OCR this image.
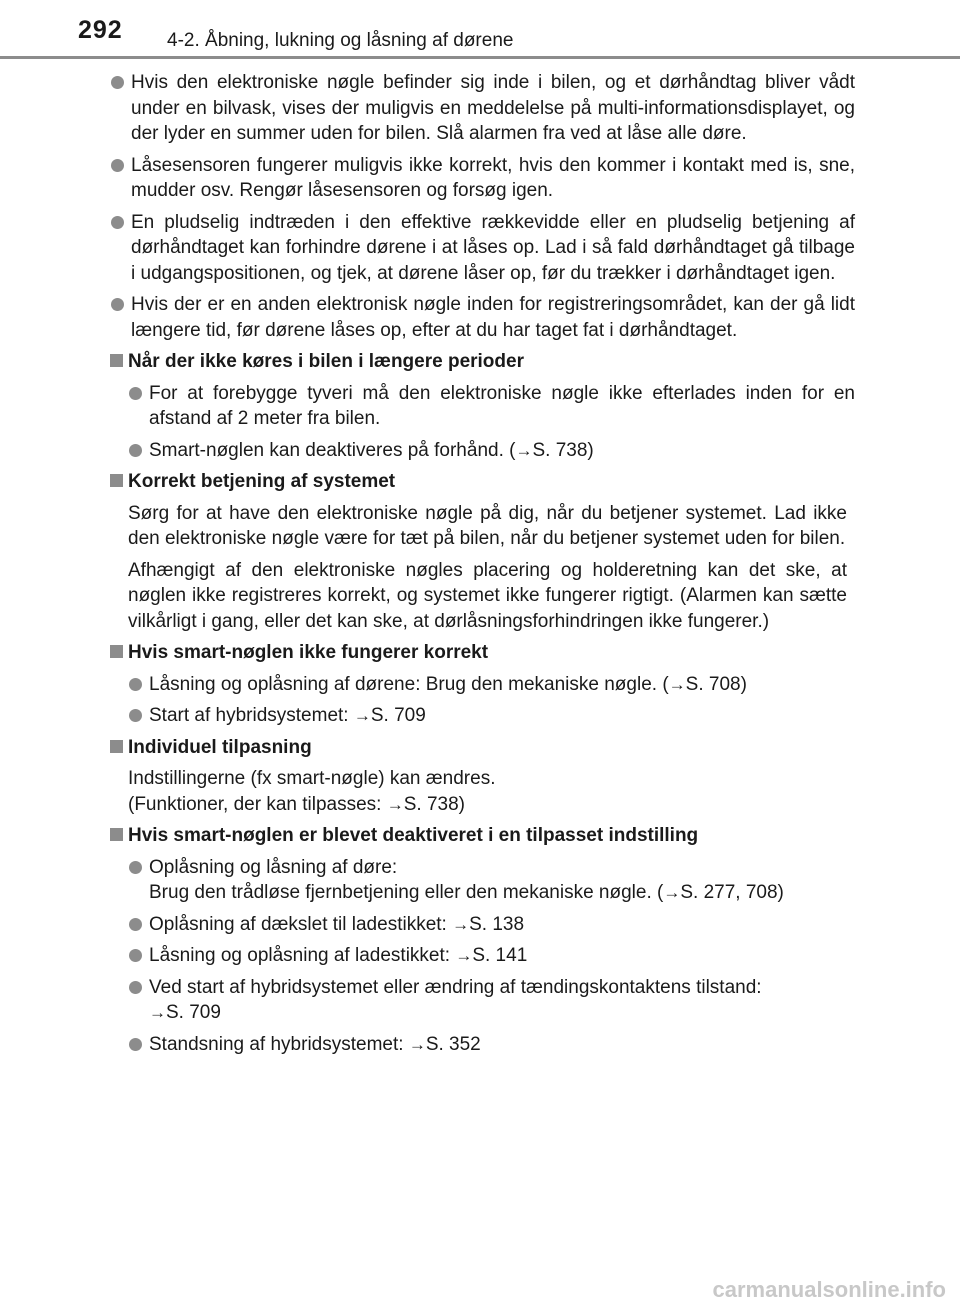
292 4-2. Åbning, lukning og låsning af dørene
Hvis den elektroniske nøgle befinder sig inde i bilen, og et dørhåndtag bliver vådt under en bilvask, vises der muligvis en meddelelse på multi-informationsdisplayet, og der lyder en summer uden for bilen. Slå alarmen fra ved at låse alle døre.
Låsesensoren fungerer muligvis ikke korrekt, hvis den kommer i kontakt med is, sne, mudder osv. Rengør låsesensoren og forsøg igen.
En pludselig indtræden i den effektive rækkevidde eller en pludselig betjening af dørhåndtaget kan forhindre dørene i at låses op. Lad i så fald dørhåndtaget gå tilbage i udgangspositionen, og tjek, at dørene låser op, før du trækker i dørhåndtaget igen.
Hvis der er en anden elektronisk nøgle inden for registreringsområdet, kan der gå lidt længere tid, før dørene låses op, efter at du har taget fat i dørhåndtaget.
Når der ikke køres i bilen i længere perioder
For at forebygge tyveri må den elektroniske nøgle ikke efterlades inden for en afstand af 2 meter fra bilen.
Smart-nøglen kan deaktiveres på forhånd. (→S. 738)
Korrekt betjening af systemet
Sørg for at have den elektroniske nøgle på dig, når du betjener systemet. Lad ikke den elektroniske nøgle være for tæt på bilen, når du betjener systemet uden for bilen.
Afhængigt af den elektroniske nøgles placering og holderetning kan det ske, at nøglen ikke registreres korrekt, og systemet ikke fungerer rigtigt. (Alarmen kan sætte vilkårligt i gang, eller det kan ske, at dørlåsningsforhindringen ikke fungerer.)
Hvis smart-nøglen ikke fungerer korrekt
Låsning og oplåsning af dørene: Brug den mekaniske nøgle. (→S. 708)
Start af hybridsystemet: →S. 709
Individuel tilpasning
Indstillingerne (fx smart-nøgle) kan ændres.
(Funktioner, der kan tilpasses: →S. 738)
Hvis smart-nøglen er blevet deaktiveret i en tilpasset indstilling
Oplåsning og låsning af døre:
Brug den trådløse fjernbetjening eller den mekaniske nøgle. (→S. 277, 708)
Oplåsning af dækslet til ladestikket: →S. 138
Låsning og oplåsning af ladestikket: →S. 141
Ved start af hybridsystemet eller ændring af tændingskontaktens tilstand:
→S. 709
Standsning af hybridsystemet: →S. 352
carmanualsonline.info
